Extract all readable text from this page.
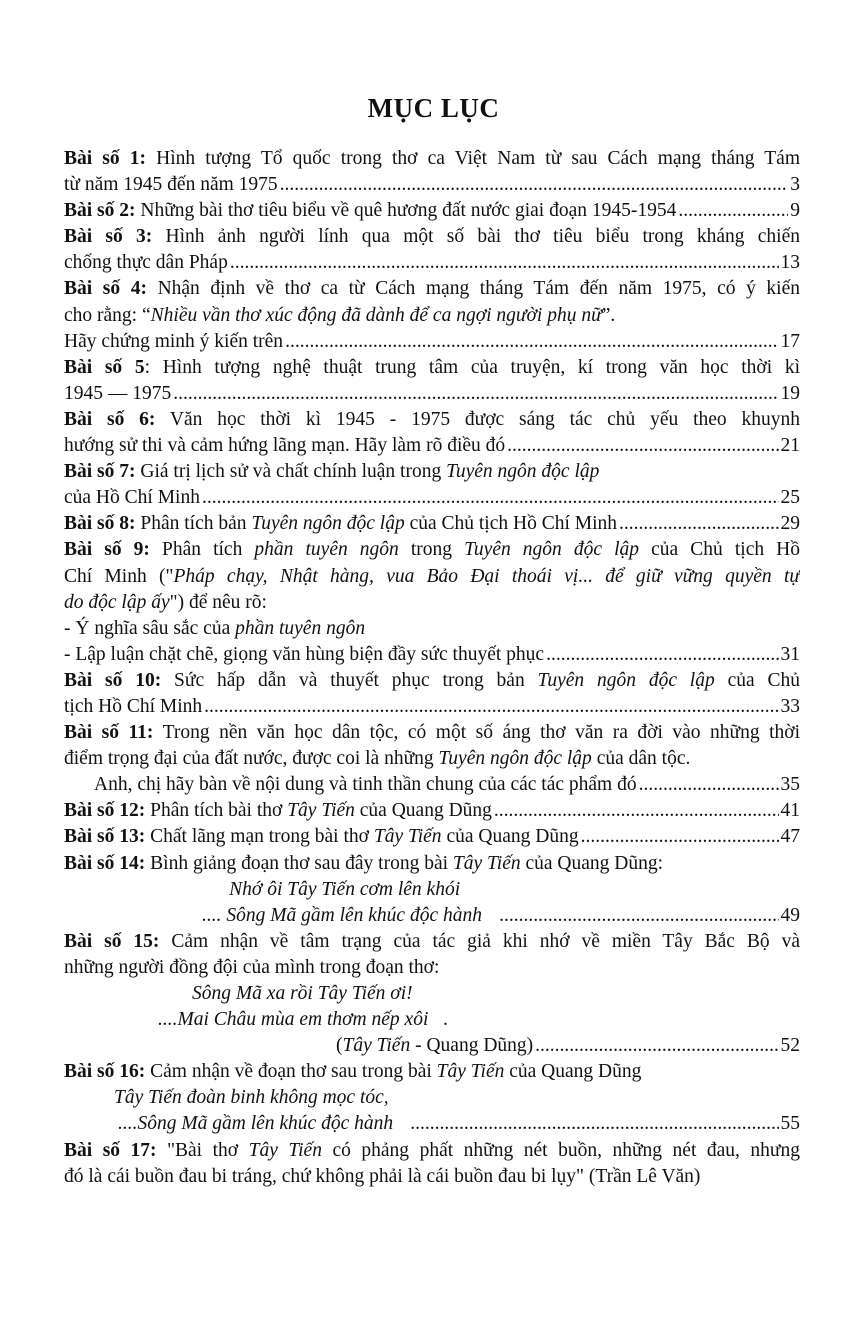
MỤC LỤC
Bài số 1: Hình tượng Tổ quốc trong thơ ca Việt Nam từ sau Cách mạng tháng Tám
từ năm 1945 đến năm 1975 .....	3
Bài số 2: Những bài thơ tiêu biểu về quê hương đất nước giai đoạn 1945-1954 .....	9
Bài số 3: Hình ảnh người lính qua một số bài thơ tiêu biểu trong kháng chiến
chống thực dân Pháp .....	13
Bài số 4: Nhận định về thơ ca từ Cách mạng tháng Tám đến năm 1975, có ý kiến
cho rằng: “Nhiều vần thơ xúc động đã dành để ca ngợi người phụ nữ”.
Hãy chứng minh ý kiến trên .....	17
Bài số 5: Hình tượng nghệ thuật trung tâm của truyện, kí trong văn học thời kì
1945 — 1975 .....	19
Bài số 6: Văn học thời kì 1945 - 1975 được sáng tác chủ yếu theo khuynh
hướng sử thi và cảm hứng lãng mạn. Hãy làm rõ điều đó .....	21
Bài số 7: Giá trị lịch sử và chất chính luận trong Tuyên ngôn độc lập
của Hồ Chí Minh .....	25
Bài số 8: Phân tích bản Tuyên ngôn độc lập của Chủ tịch Hồ Chí Minh .....	29
Bài số 9: Phân tích phần tuyên ngôn trong Tuyên ngôn độc lập của Chủ tịch Hồ
Chí Minh ("Pháp chạy, Nhật hàng, vua Bảo Đại thoái vị... để giữ vững quyền tự
do độc lập ấy") để nêu rõ:
- Ý nghĩa sâu sắc của phần tuyên ngôn
- Lập luận chặt chẽ, giọng văn hùng biện đầy sức thuyết phục .....	31
Bài số 10: Sức hấp dẫn và thuyết phục trong bản Tuyên ngôn độc lập của Chủ
tịch Hồ Chí Minh .....	33
Bài số 11: Trong nền văn học dân tộc, có một số áng thơ văn ra đời vào những thời
điểm trọng đại của đất nước, được coi là những Tuyên ngôn độc lập của dân tộc.
Anh, chị hãy bàn về nội dung và tinh thần chung của các tác phẩm đó .....	35
Bài số 12: Phân tích bài thơ Tây Tiến của Quang Dũng .....	41
Bài số 13: Chất lãng mạn trong bài thơ Tây Tiến của Quang Dũng .....	47
Bài số 14: Bình giảng đoạn thơ sau đây trong bài Tây Tiến của Quang Dũng:
Nhớ ôi Tây Tiến cơm lên khói
.... Sông Mã gầm lên khúc độc hành .....	49
Bài số 15: Cảm nhận về tâm trạng của tác giả khi nhớ về miền Tây Bắc Bộ và
những người đồng đội của mình trong đoạn thơ:
Sông Mã xa rồi Tây Tiến ơi!
....Mai Châu mùa em thơm nếp xôi .
(Tây Tiến - Quang Dũng) .....	52
Bài số 16: Cảm nhận về đoạn thơ sau trong bài Tây Tiến của Quang Dũng
Tây Tiến đoàn binh không mọc tóc,
....Sông Mã gầm lên khúc độc hành .....	55
Bài số 17: "Bài thơ Tây Tiến có phảng phất những nét buồn, những nét đau, nhưng
đó là cái buồn đau bi tráng, chứ không phải là cái buồn đau bi lụy" (Trần Lê Văn)
